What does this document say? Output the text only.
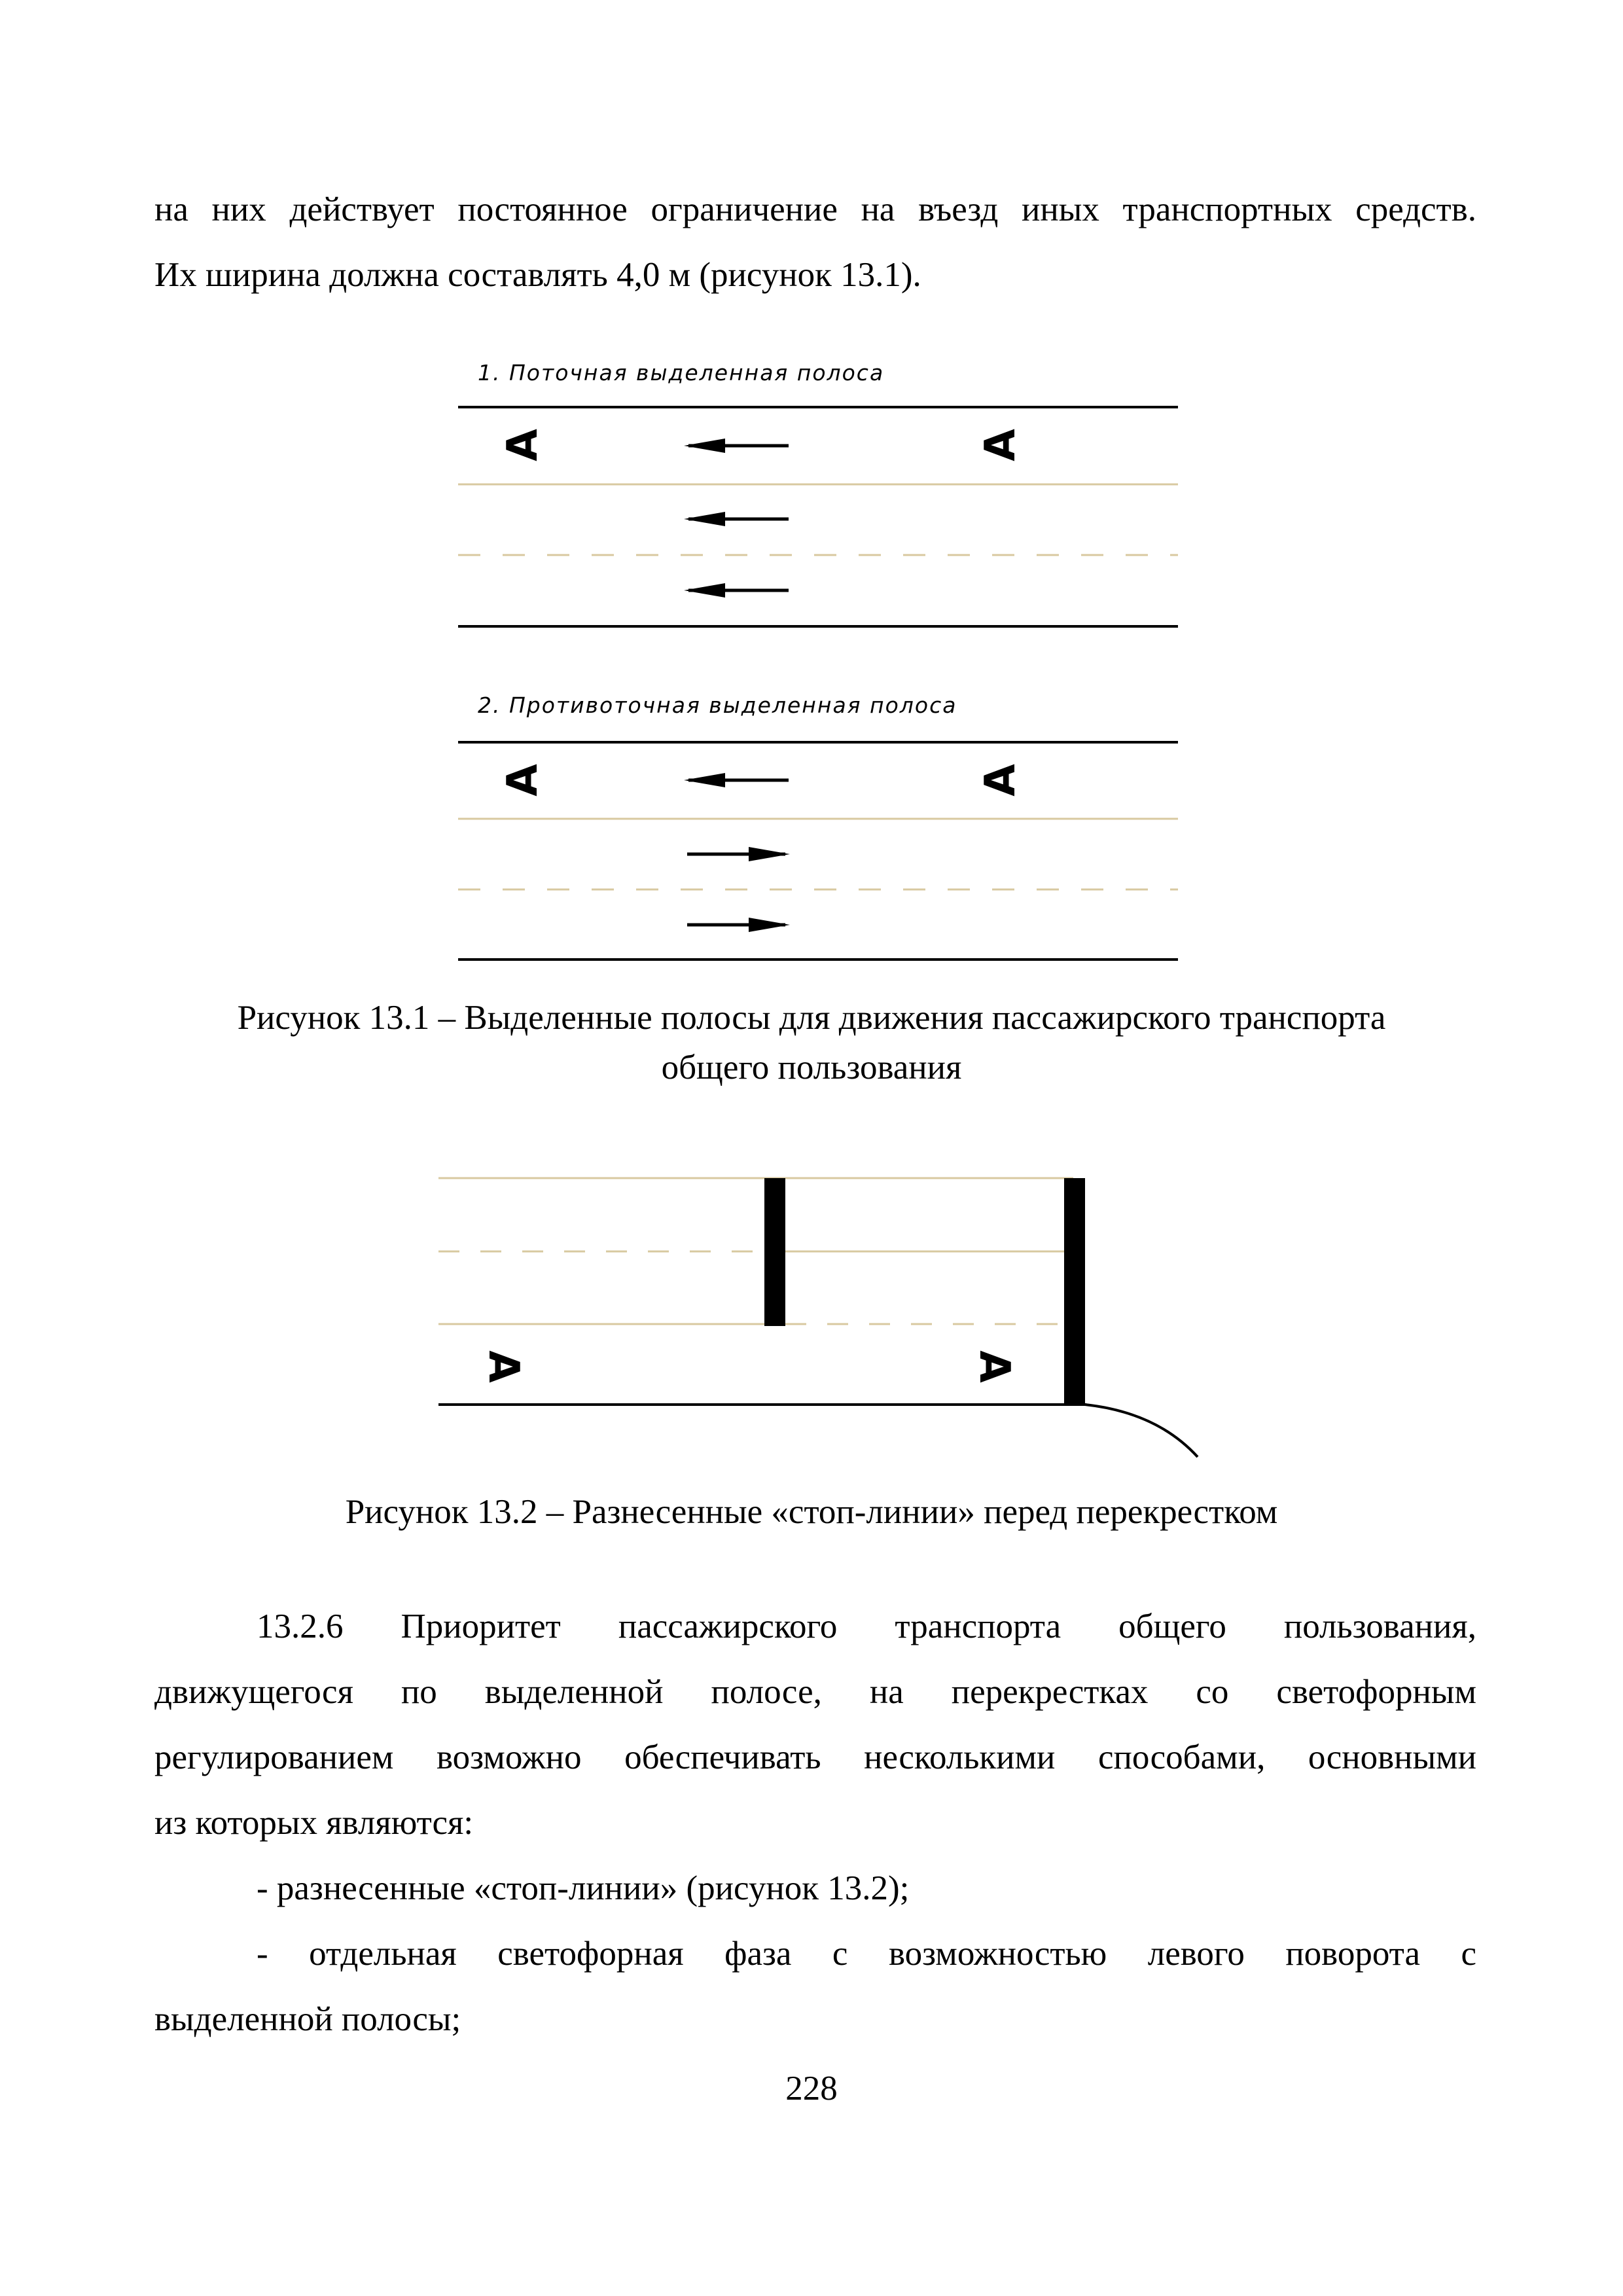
на них действует постоянное ограничение на въезд иных транспортных средств.
Их ширина должна составлять 4,0 м (рисунок 13.1).
1. Поточная выделенная полоса
А	А
2. Противоточная выделенная полоса
А	А
Рисунок 13.1 – Выделенные полосы для движения пассажирского транспорта
общего пользования
А	А
Рисунок 13.2 – Разнесенные «стоп-линии» перед перекрестком
13.2.6 Приоритет пассажирского транспорта общего пользования,
движущегося по выделенной полосе, на перекрестках со светофорным
регулированием возможно обеспечивать несколькими способами, основными
из которых являются:
- разнесенные «стоп-линии» (рисунок 13.2);
- отдельная светофорная фаза с возможностью левого поворота с
выделенной полосы;
228
